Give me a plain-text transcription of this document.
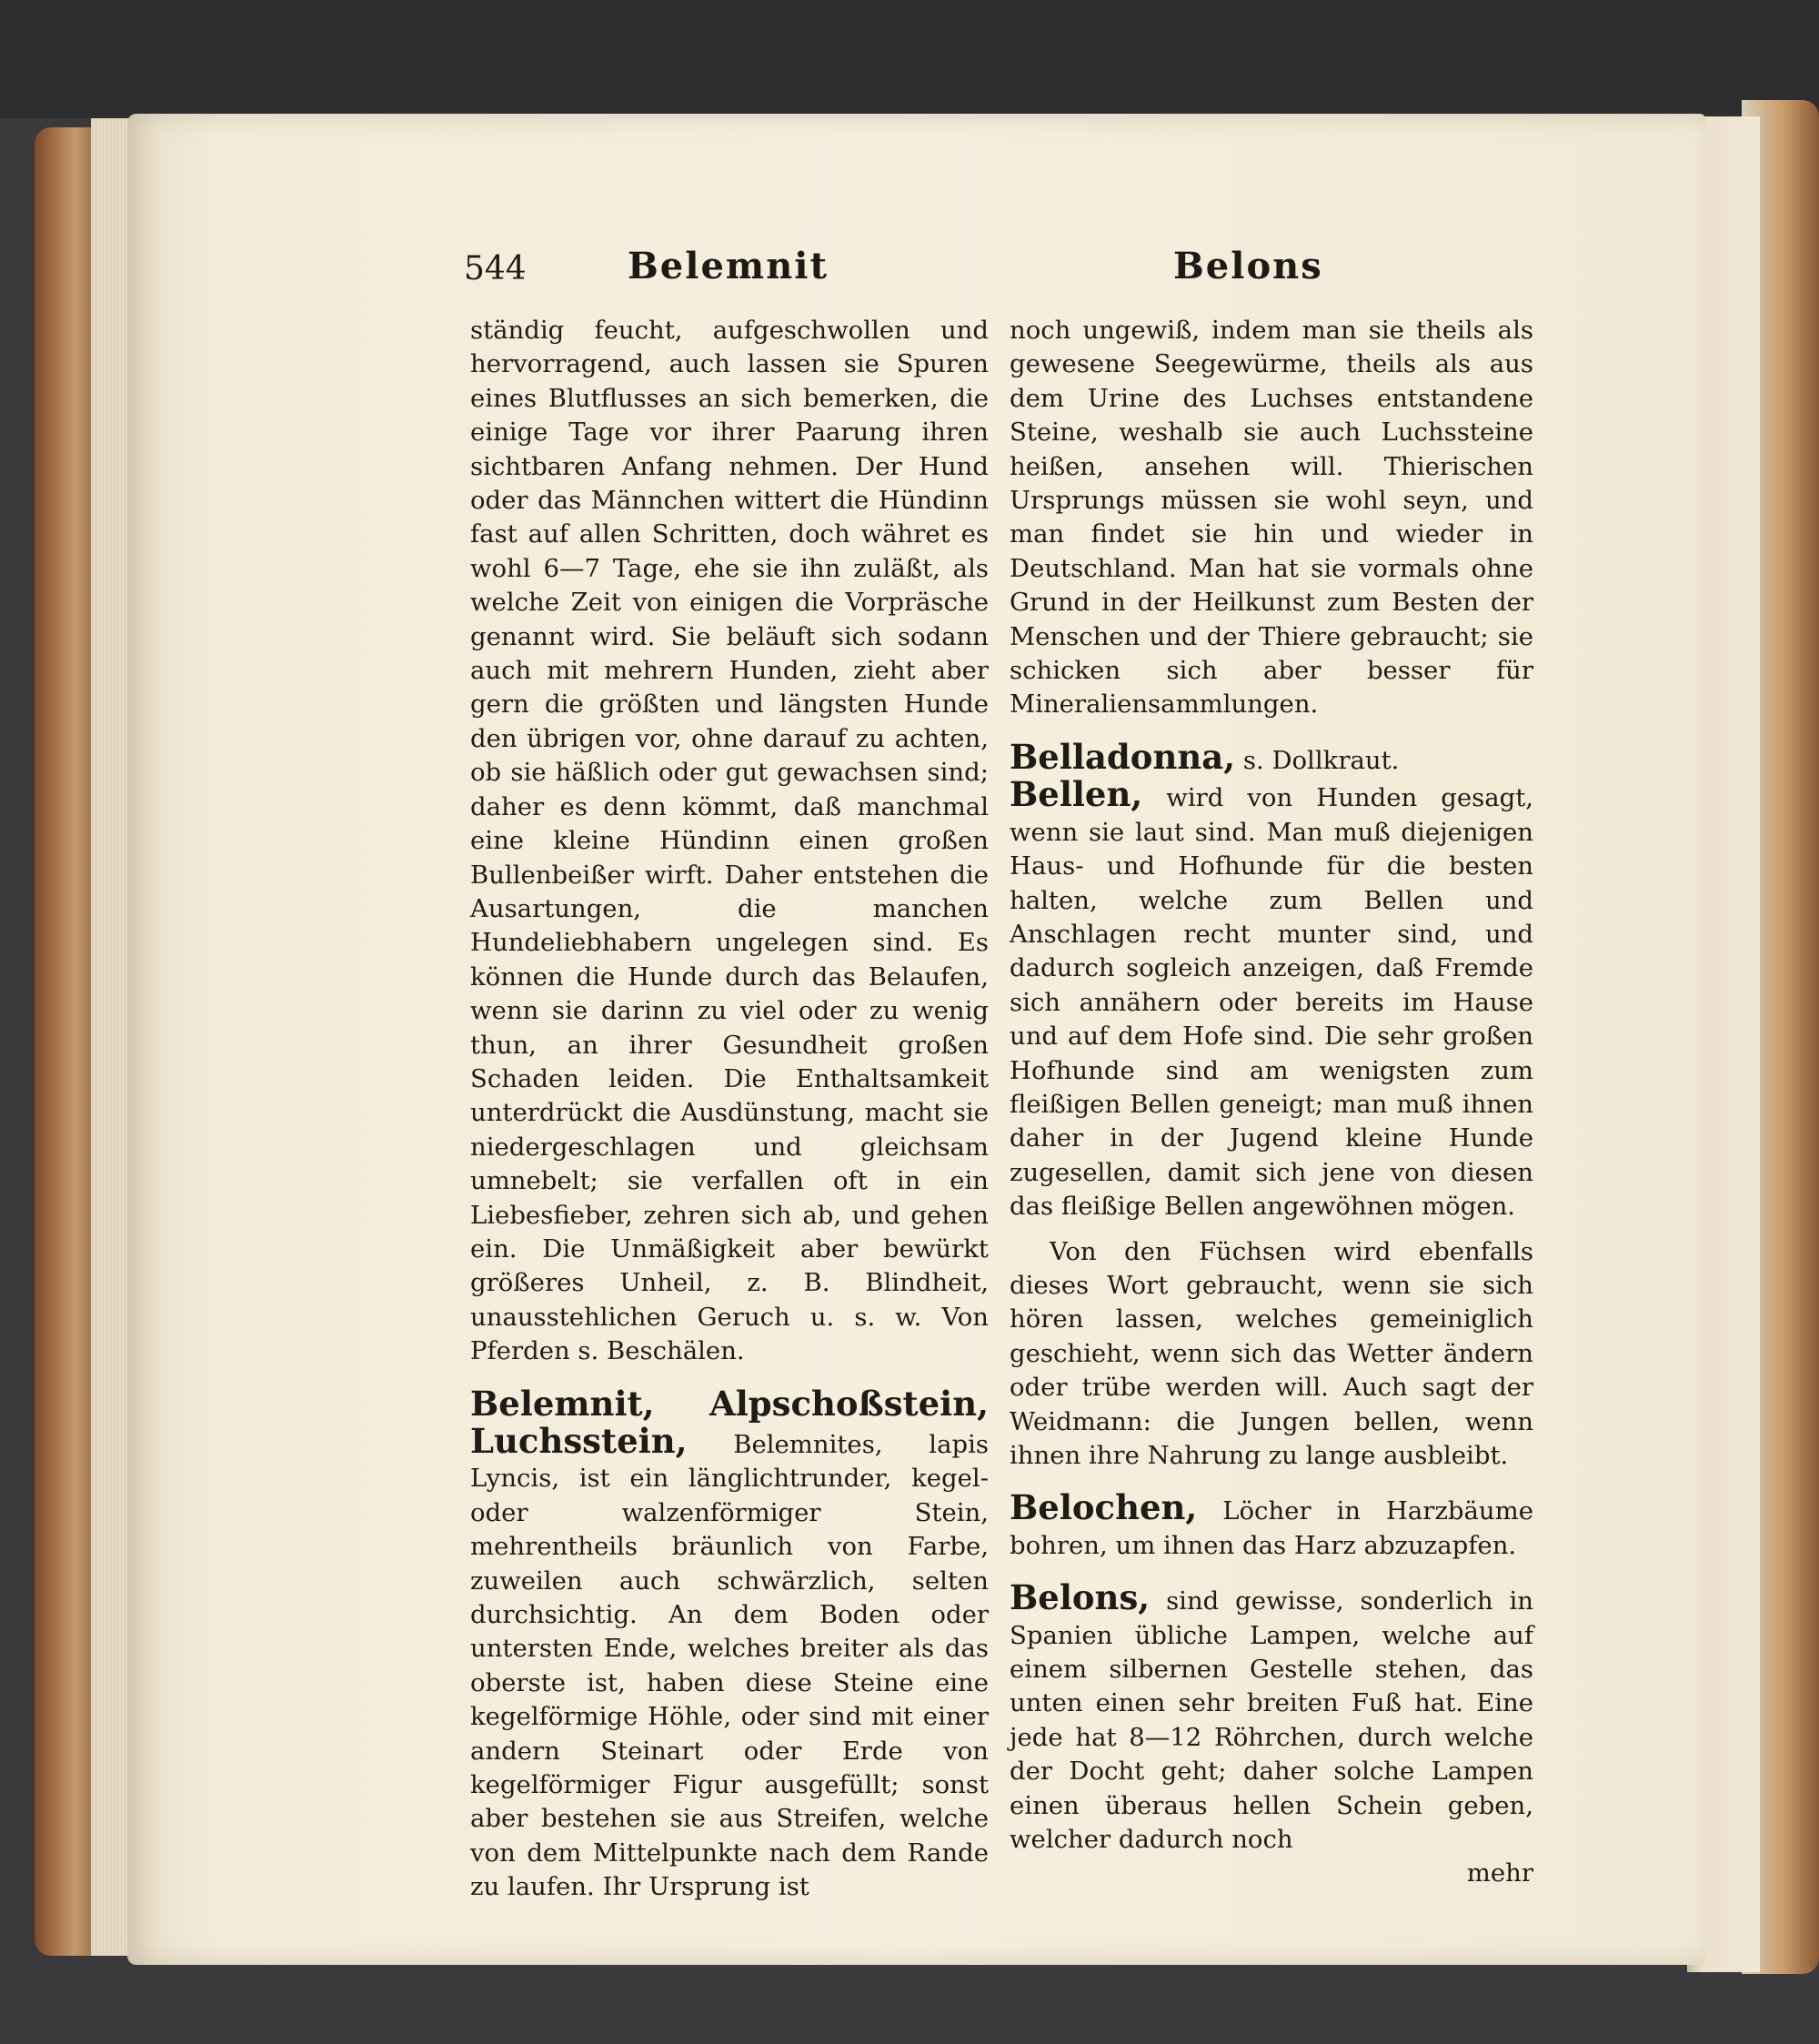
544	Belemnit	Belons

ständig feucht, aufgeschwollen und hervorragend, auch lassen sie Spuren eines Blutflusses an sich bemerken, die einige Tage vor ihrer Paarung ihren sichtbaren Anfang nehmen. Der Hund oder das Männchen wittert die Hündinn fast auf allen Schritten, doch währet es wohl 6—7 Tage, ehe sie ihn zuläßt, als welche Zeit von einigen die Vorpräsche genannt wird. Sie beläuft sich sodann auch mit mehrern Hunden, zieht aber gern die größten und längsten Hunde den übrigen vor, ohne darauf zu achten, ob sie häßlich oder gut gewachsen sind; daher es denn kömmt, daß manchmal eine kleine Hündinn einen großen Bullenbeißer wirft. Daher entstehen die Ausartungen, die manchen Hundeliebhabern ungelegen sind. Es können die Hunde durch das Belaufen, wenn sie darinn zu viel oder zu wenig thun, an ihrer Gesundheit großen Schaden leiden. Die Enthaltsamkeit unterdrückt die Ausdünstung, macht sie niedergeschlagen und gleichsam umnebelt; sie verfallen oft in ein Liebesfieber, zehren sich ab, und gehen ein. Die Unmäßigkeit aber bewürkt größeres Unheil, z. B. Blindheit, unausstehlichen Geruch u. s. w. Von Pferden s. Beschälen.

Belemnit, Alpschoßstein, Luchsstein, Belemnites, lapis Lyncis, ist ein länglichtrunder, kegel- oder walzenförmiger Stein, mehrentheils bräunlich von Farbe, zuweilen auch schwärzlich, selten durchsichtig. An dem Boden oder untersten Ende, welches breiter als das oberste ist, haben diese Steine eine kegelförmige Höhle, oder sind mit einer andern Steinart oder Erde von kegelförmiger Figur ausgefüllt; sonst aber bestehen sie aus Streifen, welche von dem Mittelpunkte nach dem Rande zu laufen. Ihr Ursprung ist

noch ungewiß, indem man sie theils als gewesene Seegewürme, theils als aus dem Urine des Luchses entstandene Steine, weshalb sie auch Luchssteine heißen, ansehen will. Thierischen Ursprungs müssen sie wohl seyn, und man findet sie hin und wieder in Deutschland. Man hat sie vormals ohne Grund in der Heilkunst zum Besten der Menschen und der Thiere gebraucht; sie schicken sich aber besser für Mineraliensammlungen.

Belladonna, s. Dollkraut.

Bellen, wird von Hunden gesagt, wenn sie laut sind. Man muß diejenigen Haus- und Hofhunde für die besten halten, welche zum Bellen und Anschlagen recht munter sind, und dadurch sogleich anzeigen, daß Fremde sich annähern oder bereits im Hause und auf dem Hofe sind. Die sehr großen Hofhunde sind am wenigsten zum fleißigen Bellen geneigt; man muß ihnen daher in der Jugend kleine Hunde zugesellen, damit sich jene von diesen das fleißige Bellen angewöhnen mögen.

Von den Füchsen wird ebenfalls dieses Wort gebraucht, wenn sie sich hören lassen, welches gemeiniglich geschieht, wenn sich das Wetter ändern oder trübe werden will. Auch sagt der Weidmann: die Jungen bellen, wenn ihnen ihre Nahrung zu lange ausbleibt.

Belochen, Löcher in Harzbäume bohren, um ihnen das Harz abzuzapfen.

Belons, sind gewisse, sonderlich in Spanien übliche Lampen, welche auf einem silbernen Gestelle stehen, das unten einen sehr breiten Fuß hat. Eine jede hat 8—12 Röhrchen, durch welche der Docht geht; daher solche Lampen einen überaus hellen Schein geben, welcher dadurch noch

mehr
